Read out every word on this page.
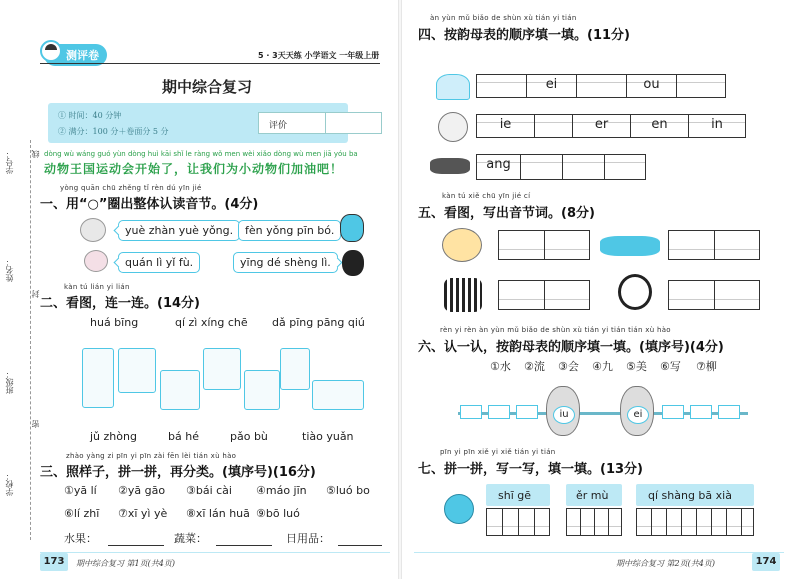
学号：
姓名：
班级：
学校：
线
封
密
测评卷	5 · 3天天练 小学语文 一年级上册
期中综合复习
① 时间：40 分钟
② 满分：100 分＋卷面分 5 分
评价
dòng wù wáng guó yùn dòng huì kāi shǐ le ràng wǒ men wèi xiǎo dòng wù men jiā yóu ba
动物王国运动会开始了，让我们为小动物们加油吧！
yòng quān chū zhěng tǐ rèn dú yīn jié
一、用“○”圈出整体认读音节。(4分)
yuè zhàn yuè yǒng.	fèn yǒng pīn bó.
quán lì yǐ fù.	yīng dé shèng lì.
kàn tú lián yi lián
二、看图，连一连。(14分)
huá bīng	qí zì xíng chē dǎ pīng pāng qiú
jǔ zhòng	bá hé	pǎo bù	tiào yuǎn
zhào yàng zi pīn yi pīn zài fēn lèi tián xù hào
三、照样子，拼一拼，再分类。(填序号)(16分)
①yā lí ②yā gāo ③bái cài ④máo jīn ⑤luó bo
⑥lí zhī ⑦xī yì yè ⑧xī lán huā ⑨bō luó
水果：	蔬菜：	日用品：
173	期中综合复习 第1页(共4页)
àn yùn mǔ biǎo de shùn xù tián yi tián
四、按韵母表的顺序填一填。(11分)
ei	ou
ie	er	en	in
ang
kàn tú xiě chū yīn jié cí
五、看图，写出音节词。(8分)
rèn yi rèn àn yùn mǔ biǎo de shùn xù tián yi tián tián xù hào
六、认一认，按韵母表的顺序填一填。(填序号)(4分)
①水 ②流 ③会 ④九 ⑤美 ⑥写 ⑦柳
iu	ei
pīn yi pīn xiě yi xiě tián yi tián
七、拼一拼，写一写，填一填。(13分)
shī gē	ěr mù	qí shàng bā xià
期中综合复习 第2页(共4页)	174
